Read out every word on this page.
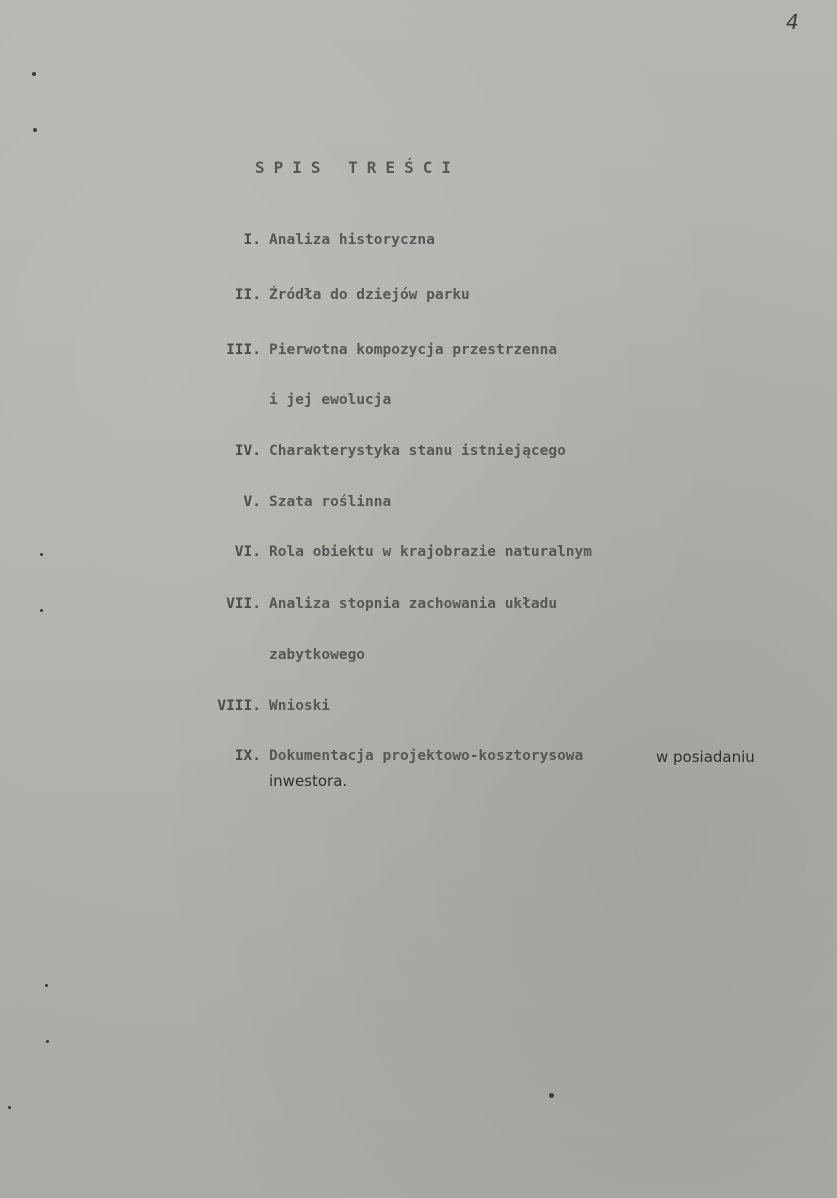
4
SPIS TREŚCI
I. Analiza historyczna
II. Źródła do dziejów parku
III. Pierwotna kompozycja przestrzenna
i jej ewolucja
IV. Charakterystyka stanu istniejącego
V. Szata roślinna
VI. Rola obiektu w krajobrazie naturalnym
VII. Analiza stopnia zachowania układu
zabytkowego
VIII. Wnioski
IX. Dokumentacja projektowo-kosztorysowa	w posiadaniu
inwestora.
